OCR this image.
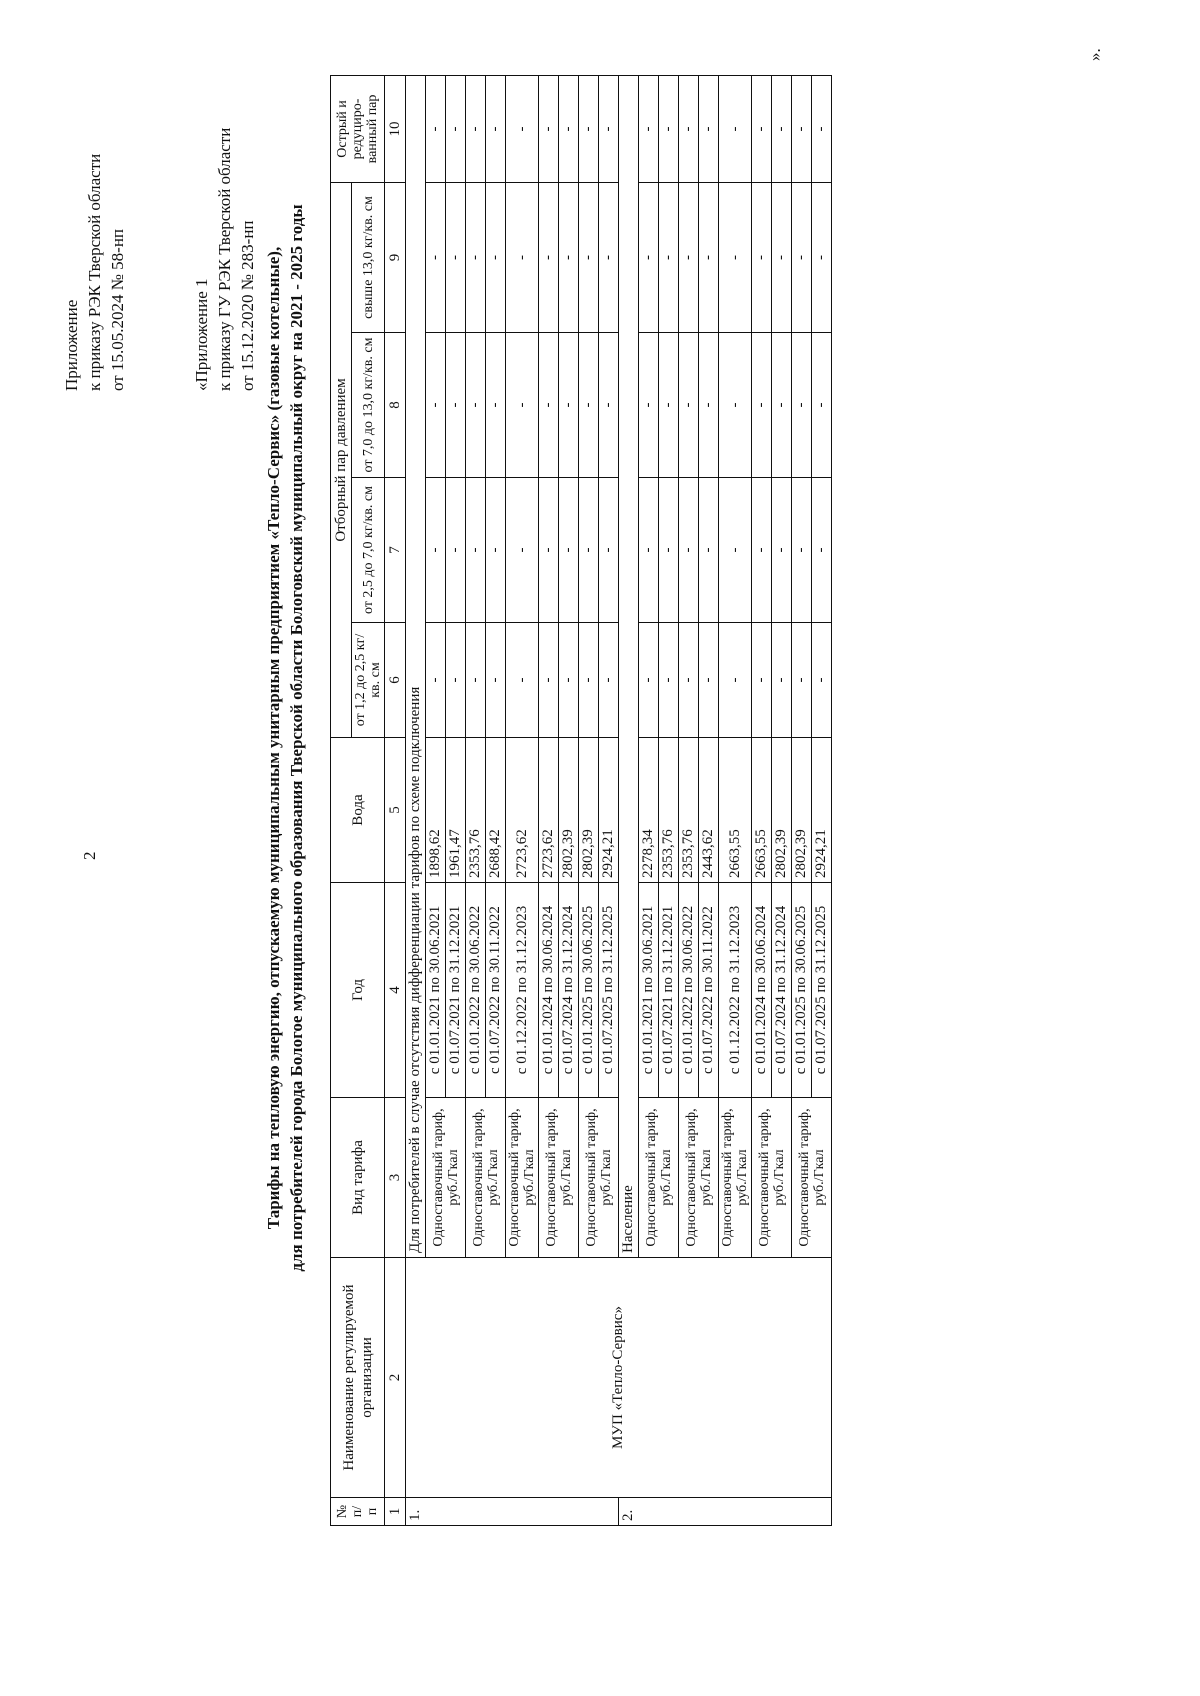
2
Приложение к приказу РЭК Тверской области от 15.05.2024 № 58-нп	«Приложение 1 к приказу ГУ РЭК Тверской области от 15.12.2020 № 283-нп Тарифы на тепловую энергию, отпускаемую муниципальным унитарным предприятием «Тепло-Сервис» (газовые котельные), для потребителей города Бологое муниципального образования Тверской области Бологовский муниципальный округ на 2021 - 2025 годы
№ п/ п	Наименование регулируемой организации	Вид тарифа	Год	Вода	Отборный пар давлением				Острый и редуциро-ванный пар
					от 1,2 до 2,5 кг/кв. см	от 2,5 до 7,0 кг/кв. см	от 7,0 до 13,0 кг/кв. см	свыше 13,0 кг/кв. см	
1	2	3	4	5	6	7	8	9	10
1.	МУП «Тепло-Сервис»	Для потребителей в случае отсутствия дифференциации тарифов по схеме подключения							
		Одноставочный тариф, руб./Гкал	с 01.01.2021 по 30.06.2021	1898,62	-	-	-	-	-
			с 01.07.2021 по 31.12.2021	1961,47	-	-	-	-	-
		Одноставочный тариф, руб./Гкал	с 01.01.2022 по 30.06.2022	2353,76	-	-	-	-	-
			с 01.07.2022 по 30.11.2022	2688,42	-	-	-	-	-
		Одноставочный тариф, руб./Гкал	с 01.12.2022 по 31.12.2023	2723,62	-	-	-	-	-
		Одноставочный тариф, руб./Гкал	с 01.01.2024 по 30.06.2024	2723,62	-	-	-	-	-
			с 01.07.2024 по 31.12.2024	2802,39	-	-	-	-	-
		Одноставочный тариф, руб./Гкал	с 01.01.2025 по 30.06.2025	2802,39	-	-	-	-	-
			с 01.07.2025 по 31.12.2025	2924,21	-	-	-	-	-
2.		Население							
		Одноставочный тариф, руб./Гкал	с 01.01.2021 по 30.06.2021	2278,34	-	-	-	-	-
			с 01.07.2021 по 31.12.2021	2353,76	-	-	-	-	-
		Одноставочный тариф, руб./Гкал	с 01.01.2022 по 30.06.2022	2353,76	-	-	-	-	-
			с 01.07.2022 по 30.11.2022	2443,62	-	-	-	-	-
		Одноставочный тариф, руб./Гкал	с 01.12.2022 по 31.12.2023	2663,55	-	-	-	-	-
		Одноставочный тариф, руб./Гкал	с 01.01.2024 по 30.06.2024	2663,55	-	-	-	-	-
			с 01.07.2024 по 31.12.2024	2802,39	-	-	-	-	-
		Одноставочный тариф, руб./Гкал	с 01.01.2025 по 30.06.2025	2802,39	-	-	-	-	-
			с 01.07.2025 по 31.12.2025	2924,21	-	-	-	-	-
».
